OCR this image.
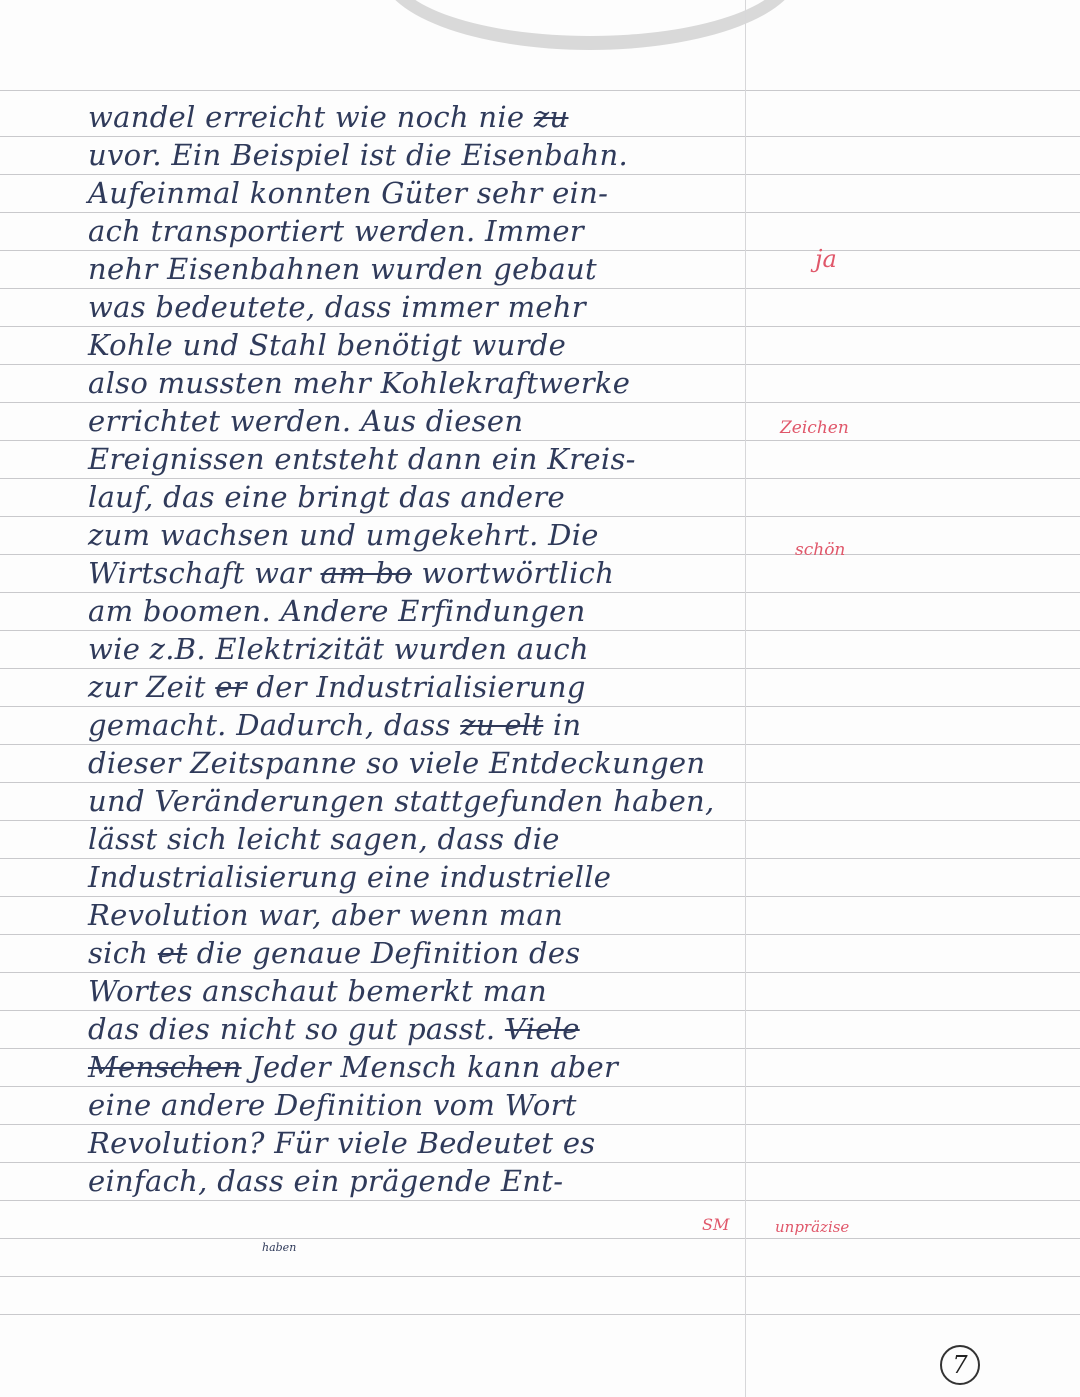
wandel erreicht wie noch nie zu
uvor. Ein Beispiel ist die Eisenbahn.
Aufeinmal konnten Güter sehr ein-
ach transportiert werden. Immer
nehr Eisenbahnen wurden gebaut
was bedeutete, dass immer mehr
Kohle und Stahl benötigt wurde
also mussten mehr Kohlekraftwerke
errichtet werden. Aus diesen
Ereignissen entsteht dann ein Kreis-
lauf, das eine bringt das andere
zum wachsen und umgekehrt. Die
Wirtschaft war am bo wortwörtlich
am boomen. Andere Erfindungen
wie z.B. Elektrizität wurden auch
zur Zeit er der Industrialisierung
gemacht. Dadurch, dass zu elt in
dieser Zeitspanne so viele Entdeckungen
und Veränderungen stattgefunden haben,
lässt sich leicht sagen, dass die
Industrialisierung eine industrielle
Revolution war, aber wenn man
sich et die genaue Definition des
Wortes anschaut bemerkt man
das dies nicht so gut passt. Viele
Menschen Jeder Mensch kann aber
eine andere Definition vom Wort
Revolution? Für viele Bedeutet es
einfach, dass ein prägende Ent-
ja
Zeichen
schön
SM	unpräzise
haben
7
